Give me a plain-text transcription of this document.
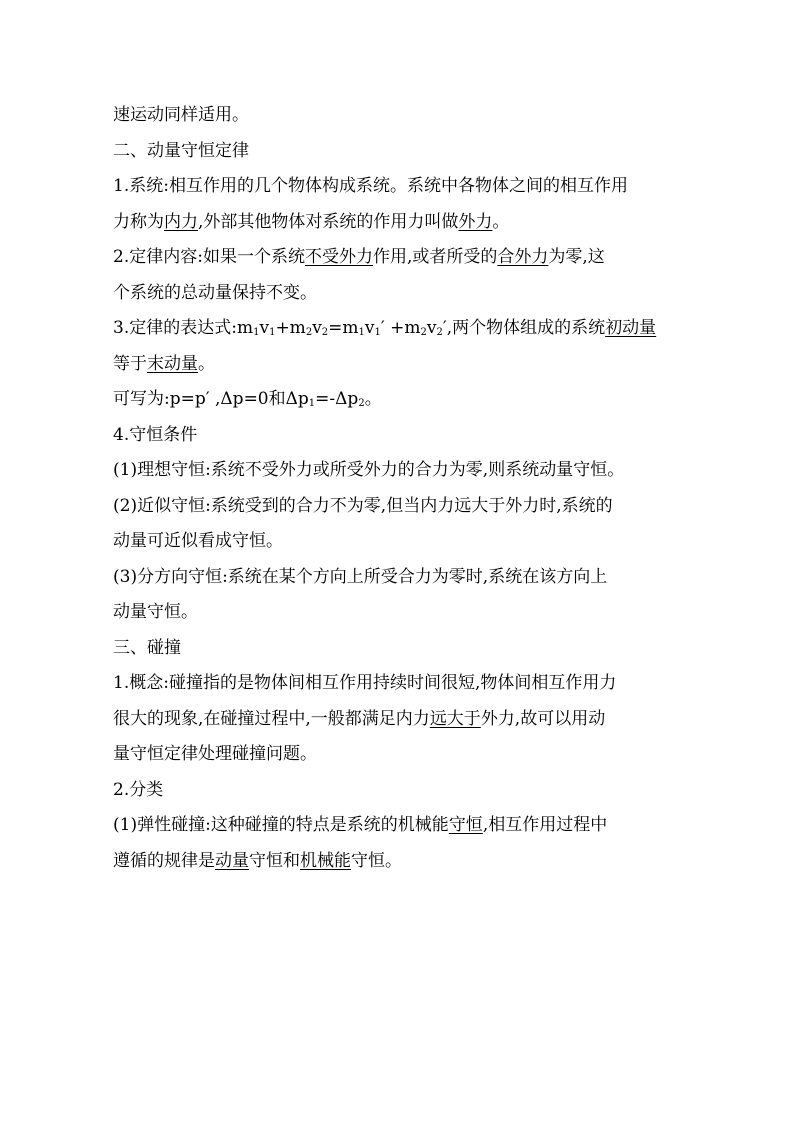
速运动同样适用。
二、动量守恒定律
1.系统:相互作用的几个物体构成系统。系统中各物体之间的相互作用
力称为内力,外部其他物体对系统的作用力叫做外力。
2.定律内容:如果一个系统不受外力作用,或者所受的合外力为零,这
个系统的总动量保持不变。
3.定律的表达式$:m_1v_1+m_2v_2=m_1v_1' +m_2v_2'$,两个物体组成的系统初动量
等于末动量。
可写为:p=p′ ,Δp=0和$\Delta p_1=-\Delta p_2$。
4.守恒条件
(1)理想守恒:系统不受外力或所受外力的合力为零,则系统动量守恒。
(2)近似守恒:系统受到的合力不为零,但当内力远大于外力时,系统的
动量可近似看成守恒。
(3)分方向守恒:系统在某个方向上所受合力为零时,系统在该方向上
动量守恒。
三、碰撞
1.概念:碰撞指的是物体间相互作用持续时间很短,物体间相互作用力
很大的现象,在碰撞过程中,一般都满足内力远大于外力,故可以用动
量守恒定律处理碰撞问题。
2.分类
(1)弹性碰撞:这种碰撞的特点是系统的机械能守恒,相互作用过程中
遵循的规律是动量守恒和机械能守恒。
